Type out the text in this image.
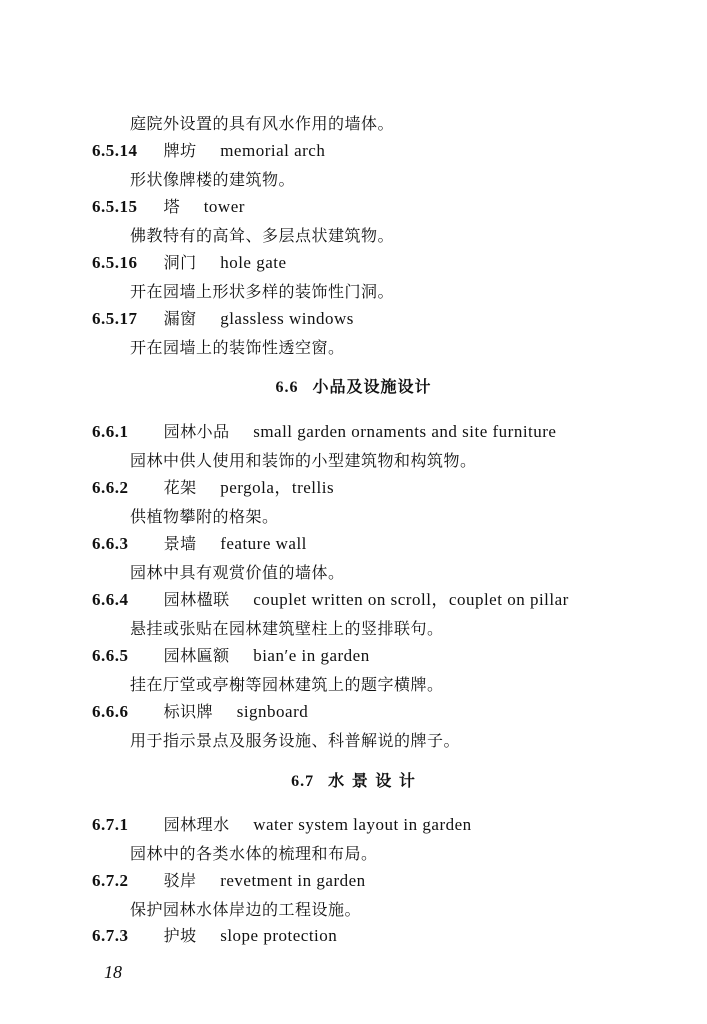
庭院外设置的具有风水作用的墙体。
6.5.14 牌坊 memorial arch
形状像牌楼的建筑物。
6.5.15 塔 tower
佛教特有的高耸、多层点状建筑物。
6.5.16 洞门 hole gate
开在园墙上形状多样的装饰性门洞。
6.5.17 漏窗 glassless windows
开在园墙上的装饰性透空窗。
6.6 小品及设施设计
6.6.1 园林小品 small garden ornaments and site furniture
园林中供人使用和装饰的小型建筑物和构筑物。
6.6.2 花架 pergola，trellis
供植物攀附的格架。
6.6.3 景墙 feature wall
园林中具有观赏价值的墙体。
6.6.4 园林楹联 couplet written on scroll，couplet on pillar
悬挂或张贴在园林建筑壁柱上的竖排联句。
6.6.5 园林匾额 bian′e in garden
挂在厅堂或亭榭等园林建筑上的题字横牌。
6.6.6 标识牌 signboard
用于指示景点及服务设施、科普解说的牌子。
6.7 水 景 设 计
6.7.1 园林理水 water system layout in garden
园林中的各类水体的梳理和布局。
6.7.2 驳岸 revetment in garden
保护园林水体岸边的工程设施。
6.7.3 护坡 slope protection
18
